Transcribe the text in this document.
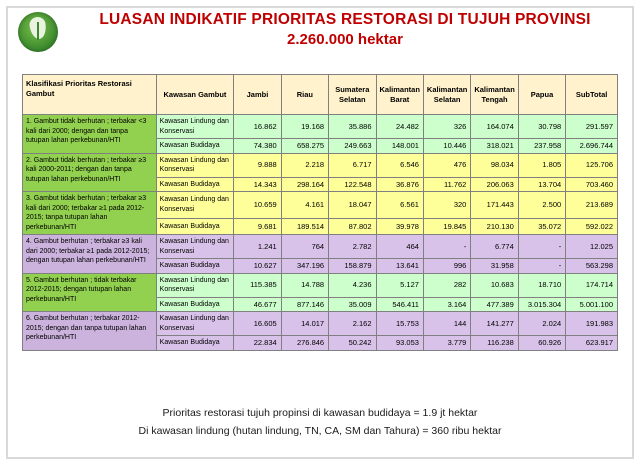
LUASAN INDIKATIF PRIORITAS RESTORASI DI TUJUH PROVINSI
2.260.000 hektar
Klasifikasi Prioritas Restorasi Gambut	Kawasan Gambut	Jambi	Riau	Sumatera Selatan	Kalimantan Barat	Kalimantan Selatan	Kalimantan Tengah	Papua	SubTotal
1. Gambut tidak berhutan ; terbakar <3 kali dari 2000; dengan dan tanpa tutupan lahan perkebunan/HTI	Kawasan Lindung dan Konservasi	16.862	19.168	35.886	24.482	326	164.074	30.798	291.597
	Kawasan Budidaya	74.380	658.275	249.663	148.001	10.446	318.021	237.958	2.696.744
2. Gambut tidak berhutan ; terbakar ≥3 kali 2000-2011; dengan dan tanpa tutupan lahan perkebunan/HTI	Kawasan Lindung dan Konservasi	9.888	2.218	6.717	6.546	476	98.034	1.805	125.706
	Kawasan Budidaya	14.343	298.164	122.548	36.876	11.762	206.063	13.704	703.460
3. Gambut tidak berhutan ; terbakar ≥3 kali dari 2000; terbakar ≥1 pada 2012-2015; tanpa tutupan lahan perkebunan/HTI	Kawasan Lindung dan Konservasi	10.659	4.161	18.047	6.561	320	171.443	2.500	213.689
	Kawasan Budidaya	9.681	189.514	87.802	39.978	19.845	210.130	35.072	592.022
4. Gambut berhutan ; terbakar ≥3 kali dari 2000; terbakar ≥1 pada 2012-2015; dengan tutupan lahan perkebunan/HTI	Kawasan Lindung dan Konservasi	1.241	764	2.782	464	-	6.774	-	12.025
	Kawasan Budidaya	10.627	347.196	158.879	13.641	996	31.958	-	563.298
5. Gambut berhutan ; tidak terbakar 2012-2015; dengan tutupan lahan perkebunan/HTI	Kawasan Lindung dan Konservasi	115.385	14.788	4.236	5.127	282	10.683	18.710	174.714
	Kawasan Budidaya	46.677	877.146	35.009	546.411	3.164	477.389	3.015.304	5.001.100
6. Gambut berhutan ; terbakar 2012-2015; dengan dan tanpa tutupan lahan perkebunan/HTI	Kawasan Lindung dan Konservasi	16.605	14.017	2.162	15.753	144	141.277	2.024	191.983
	Kawasan Budidaya	22.834	276.846	50.242	93.053	3.779	116.238	60.926	623.917
Prioritas restorasi tujuh propinsi di kawasan budidaya = 1.9 jt hektar
Di kawasan lindung (hutan lindung, TN, CA, SM dan Tahura) = 360 ribu hektar
